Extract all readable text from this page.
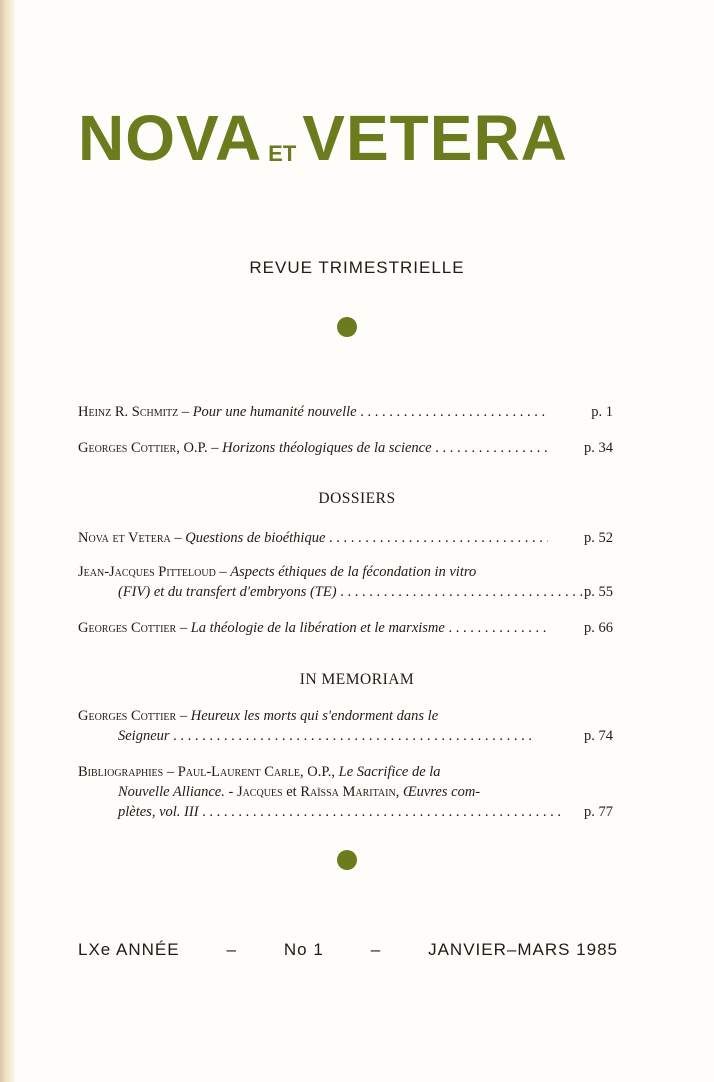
NOVA ETVETERA
REVUE TRIMESTRIELLE
Heinz R. Schmitz – Pour une humanité nouvelle . . .	p. 1
Georges Cottier, O.P. – Horizons théologiques de la science . . .	p. 34
DOSSIERS
Nova et Vetera – Questions de bioéthique . . .	p. 52
Jean-Jacques Pitteloud – Aspects éthiques de la fécondation in vitro
(FIV) et du transfert d'embryons (TE) . . .	p. 55
Georges Cottier – La théologie de la libération et le marxisme . . .	p. 66
IN MEMORIAM
Georges Cottier – Heureux les morts qui s'endorment dans le
Seigneur . . .	p. 74
Bibliographies – Paul-Laurent Carle, O.P., Le Sacrifice de la
Nouvelle Alliance. - Jacques et Raïssa Maritain, Œuvres com-
plètes, vol. III . . .	p. 77
LXe ANNÉE	–	No 1	–	JANVIER–MARS 1985
